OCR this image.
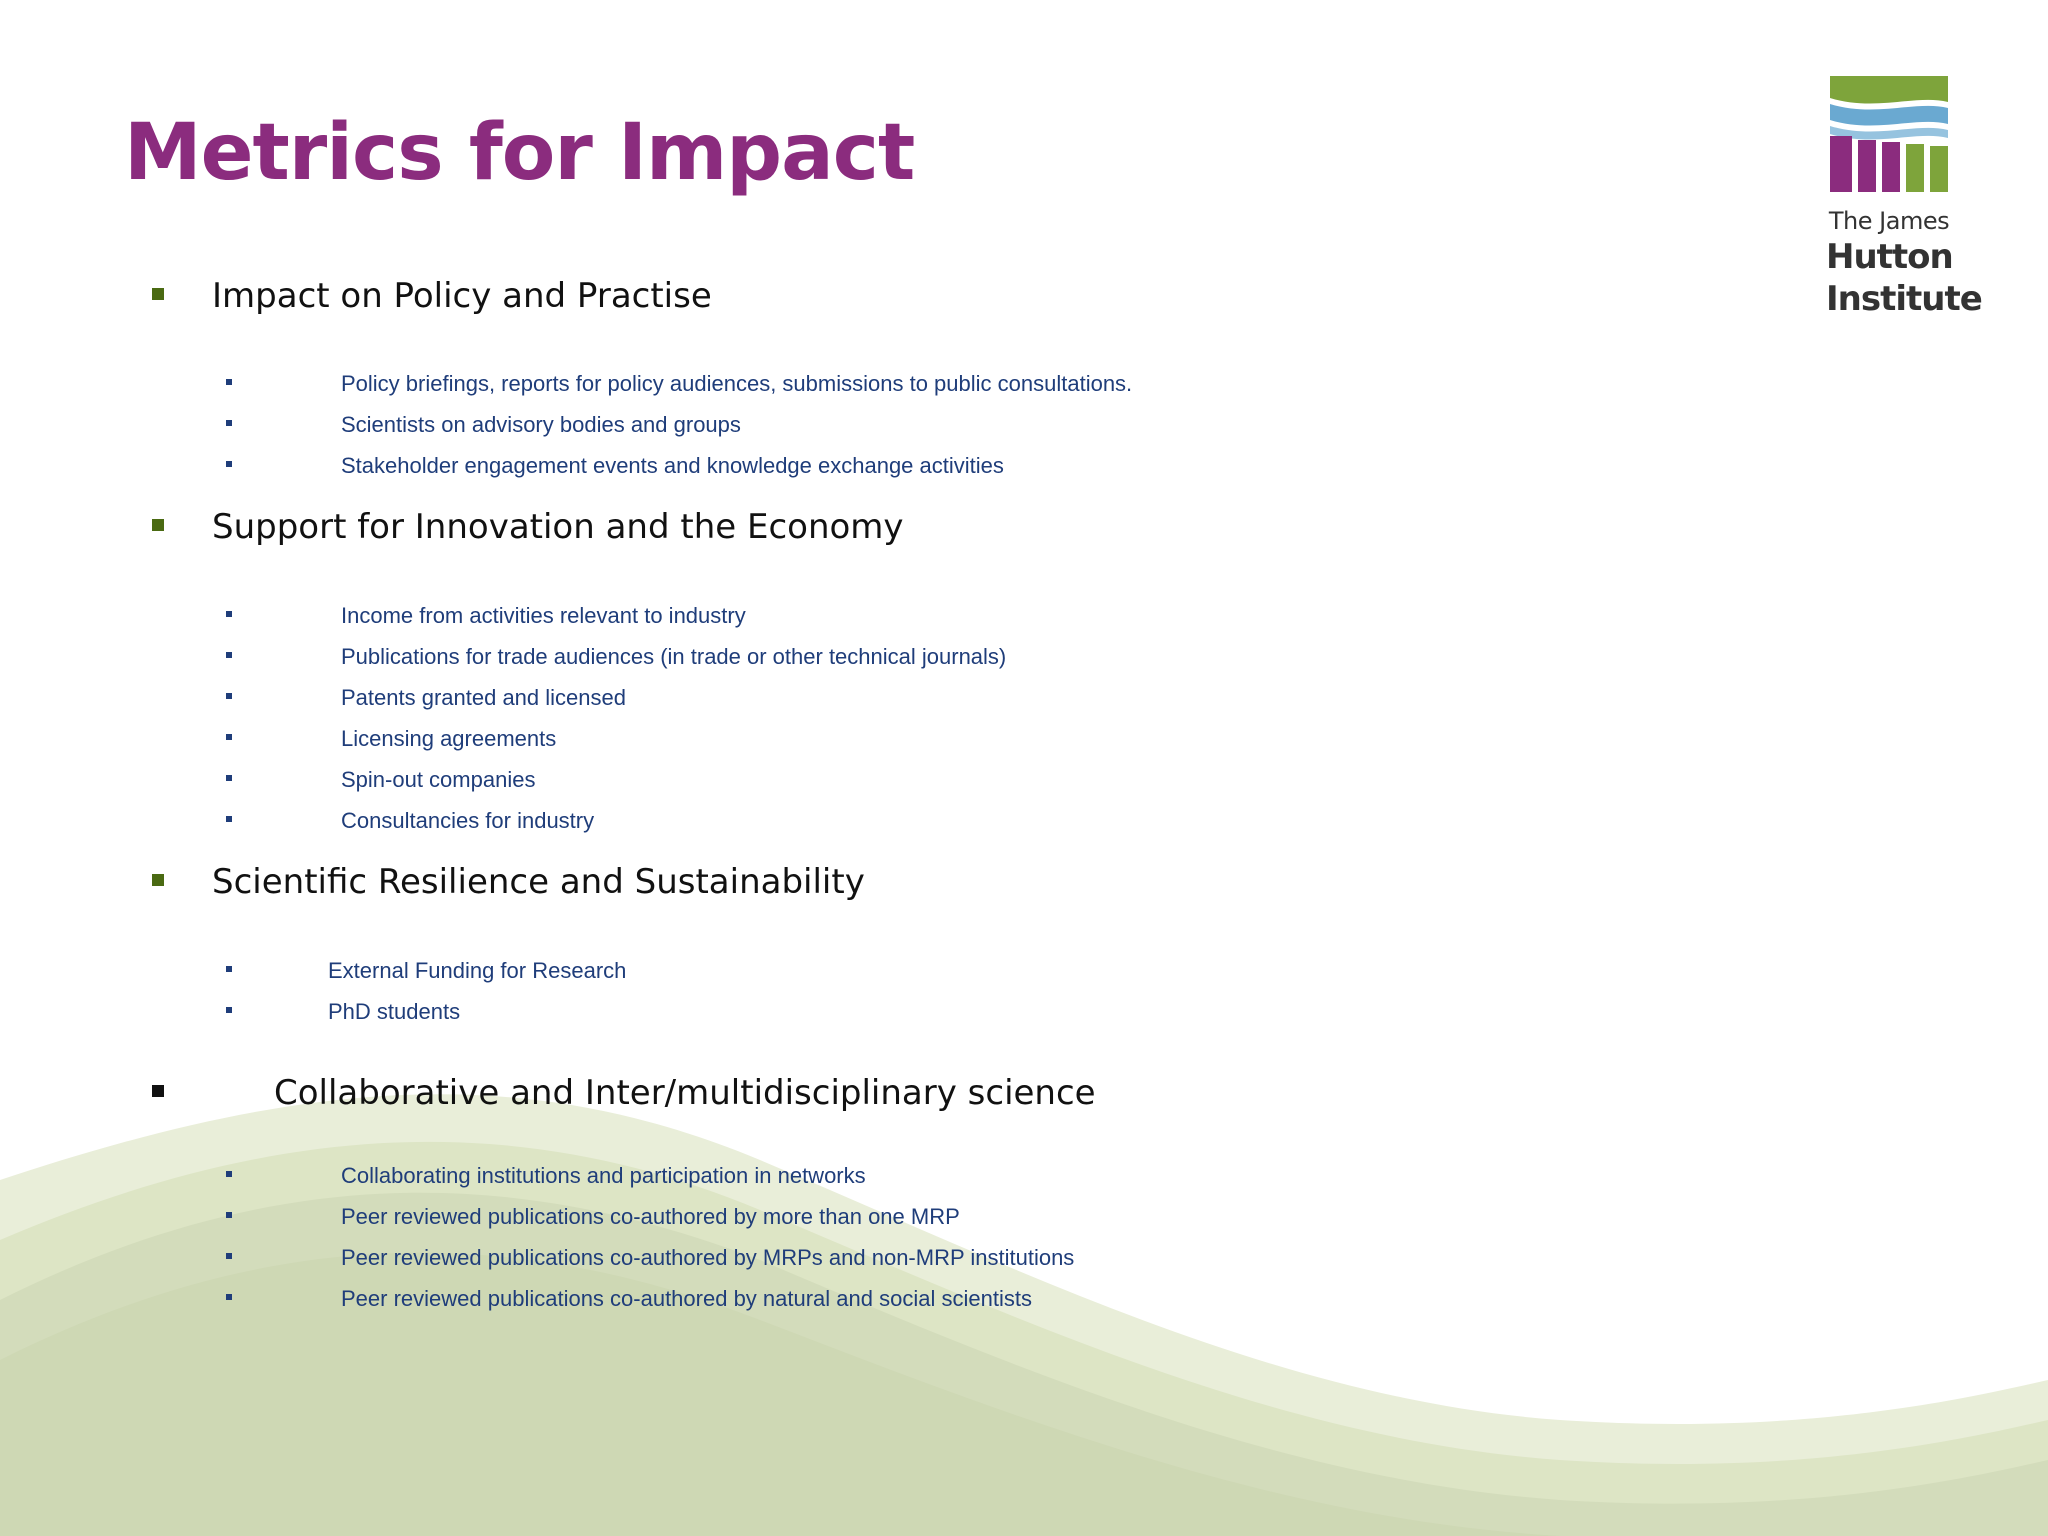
Metrics for Impact
The James
Hutton
Institute
Impact on Policy and Practise
Policy briefings, reports for policy audiences, submissions to public consultations.
Scientists on advisory bodies and groups
Stakeholder engagement events and knowledge exchange activities
Support for Innovation and the Economy
Income from activities relevant to industry
Publications for trade audiences (in trade or other technical journals)
Patents granted and licensed
Licensing agreements
Spin-out companies
Consultancies for industry
Scientific Resilience and Sustainability
External Funding for Research
PhD students
Collaborative and Inter/multidisciplinary science
Collaborating institutions and participation in networks
Peer reviewed publications co-authored by more than one MRP
Peer reviewed publications co-authored by MRPs and non-MRP institutions
Peer reviewed publications co-authored by natural and social scientists
